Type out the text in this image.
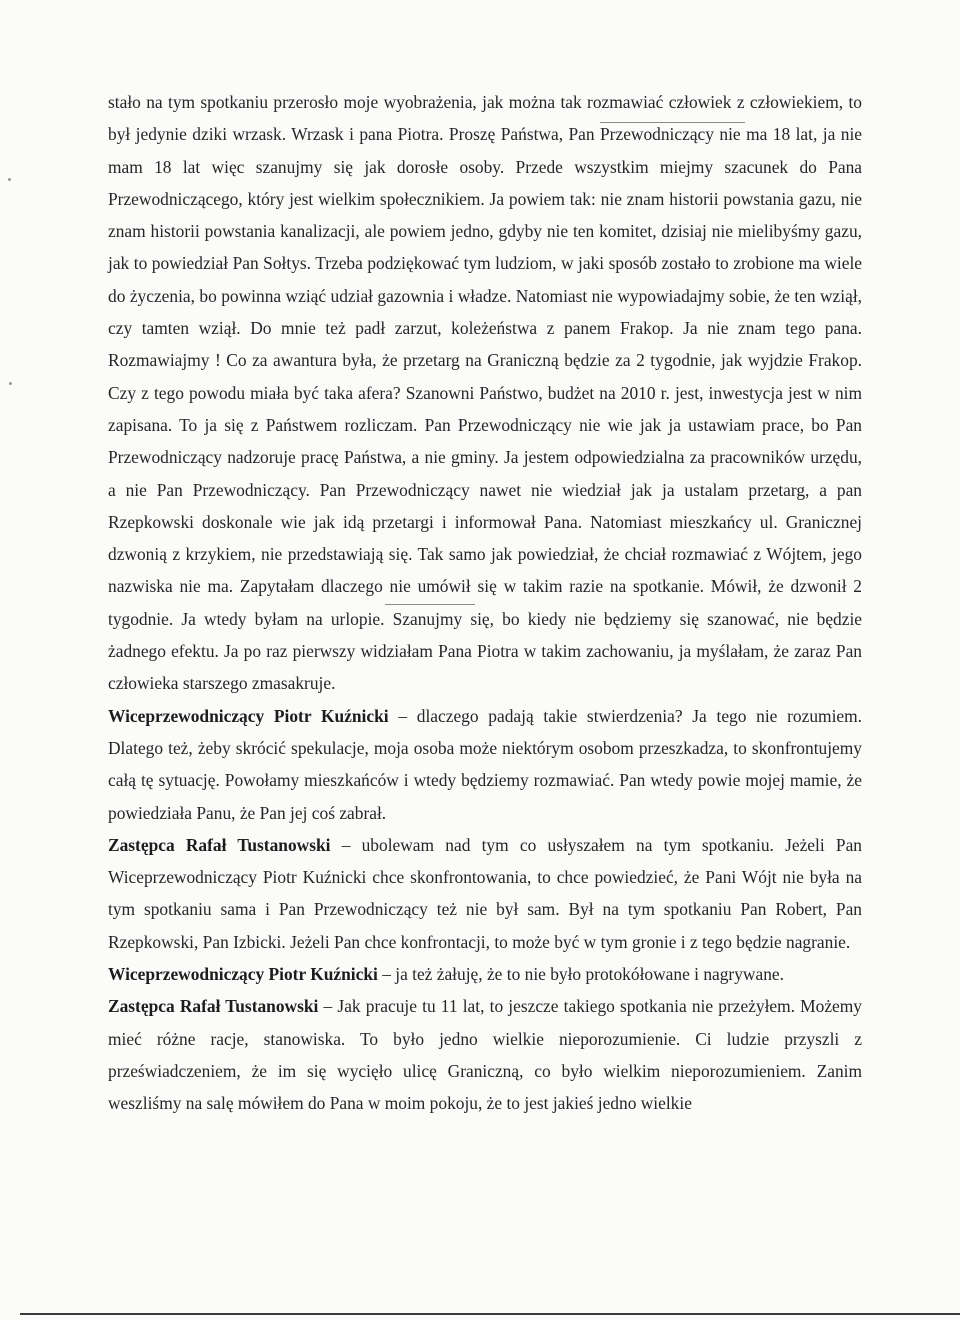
stało na tym spotkaniu przerosło moje wyobrażenia, jak można tak rozmawiać człowiek z człowiekiem, to był jedynie dziki wrzask. Wrzask i pana Piotra. Proszę Państwa, Pan Przewodniczący nie ma 18 lat, ja nie mam 18 lat więc szanujmy się jak dorosłe osoby. Przede wszystkim miejmy szacunek do Pana Przewodniczącego, który jest wielkim społecznikiem. Ja powiem tak: nie znam historii powstania gazu, nie znam historii powstania kanalizacji, ale powiem jedno, gdyby nie ten komitet, dzisiaj nie mielibyśmy gazu, jak to powiedział Pan Sołtys. Trzeba podziękować tym ludziom, w jaki sposób zostało to zrobione ma wiele do życzenia, bo powinna wziąć udział gazownia i władze. Natomiast nie wypowiadajmy sobie, że ten wziął, czy tamten wziął. Do mnie też padł zarzut, koleżeństwa z panem Frakop. Ja nie znam tego pana. Rozmawiajmy ! Co za awantura była, że przetarg na Graniczną będzie za 2 tygodnie, jak wyjdzie Frakop. Czy z tego powodu miała być taka afera? Szanowni Państwo, budżet na 2010 r. jest, inwestycja jest w nim zapisana. To ja się z Państwem rozliczam. Pan Przewodniczący nie wie jak ja ustawiam prace, bo Pan Przewodniczący nadzoruje pracę Państwa, a nie gminy. Ja jestem odpowiedzialna za pracowników urzędu, a nie Pan Przewodniczący. Pan Przewodniczący nawet nie wiedział jak ja ustalam przetarg, a pan Rzepkowski doskonale wie jak idą przetargi i informował Pana. Natomiast mieszkańcy ul. Granicznej dzwonią z krzykiem, nie przedstawiają się. Tak samo jak powiedział, że chciał rozmawiać z Wójtem, jego nazwiska nie ma. Zapytałam dlaczego nie umówił się w takim razie na spotkanie. Mówił, że dzwonił 2 tygodnie. Ja wtedy byłam na urlopie. Szanujmy się, bo kiedy nie będziemy się szanować, nie będzie żadnego efektu. Ja po raz pierwszy widziałam Pana Piotra w takim zachowaniu, ja myślałam, że zaraz Pan człowieka starszego zmasakruje.

Wiceprzewodniczący Piotr Kuźnicki – dlaczego padają takie stwierdzenia? Ja tego nie rozumiem. Dlatego też, żeby skrócić spekulacje, moja osoba może niektórym osobom przeszkadza, to skonfrontujemy całą tę sytuację. Powołamy mieszkańców i wtedy będziemy rozmawiać. Pan wtedy powie mojej mamie, że powiedziała Panu, że Pan jej coś zabrał.

Zastępca Rafał Tustanowski – ubolewam nad tym co usłyszałem na tym spotkaniu. Jeżeli Pan Wiceprzewodniczący Piotr Kuźnicki chce skonfrontowania, to chce powiedzieć, że Pani Wójt nie była na tym spotkaniu sama i Pan Przewodniczący też nie był sam. Był na tym spotkaniu Pan Robert, Pan Rzepkowski, Pan Izbicki. Jeżeli Pan chce konfrontacji, to może być w tym gronie i z tego będzie nagranie.

Wiceprzewodniczący Piotr Kuźnicki – ja też żałuję, że to nie było protokółowane i nagrywane.

Zastępca Rafał Tustanowski – Jak pracuje tu 11 lat, to jeszcze takiego spotkania nie przeżyłem. Możemy mieć różne racje, stanowiska. To było jedno wielkie nieporozumienie. Ci ludzie przyszli z przeświadczeniem, że im się wycięło ulicę Graniczną, co było wielkim nieporozumieniem. Zanim weszliśmy na salę mówiłem do Pana w moim pokoju, że to jest jakieś jedno wielkie
